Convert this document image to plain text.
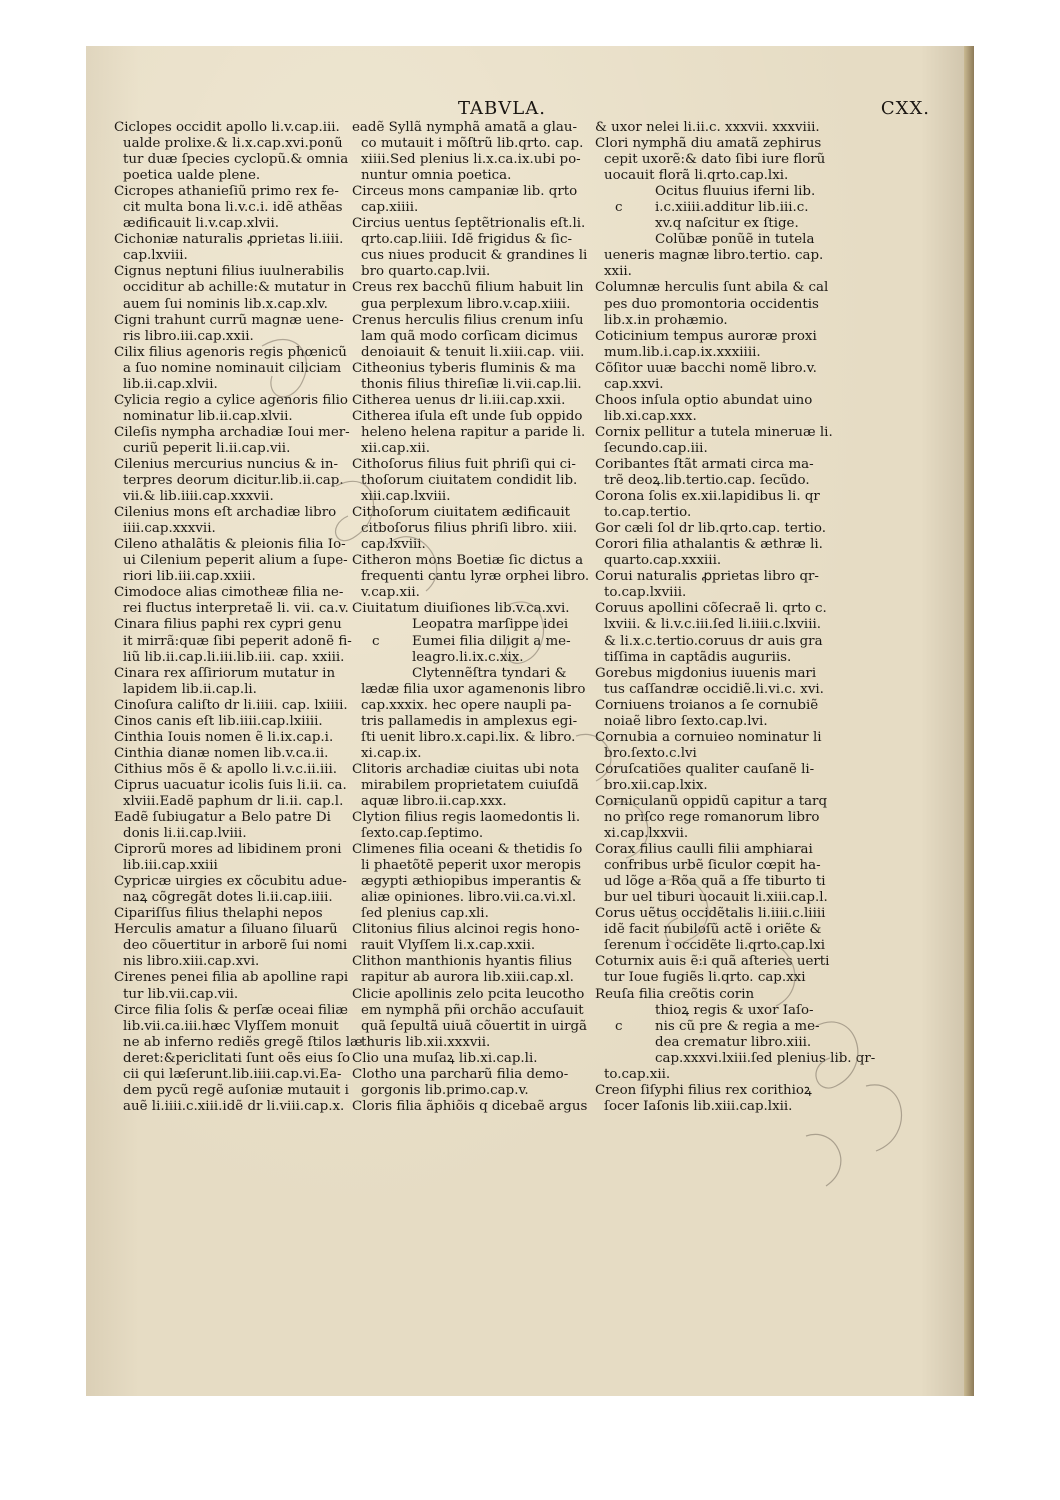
TABVLA.	CXX.
Ciclopes occidit apollo li.v.cap.iii.
ualde prolixe.& li.x.cap.xvi.ponũ
tur duæ ſpecies cyclopũ.& omnia
poetica ualde plene.
Cicropes athanieſiũ primo rex fe-
cit multa bona li.v.c.i. idẽ athẽas
ædificauit li.v.cap.xlvii.
Cichoniæ naturalis ꝓprietas li.iiii.
cap.lxviii.
Cignus neptuni filius iuulnerabilis
occiditur ab achille:& mutatur in
auem ſui nominis lib.x.cap.xlv.
Cigni trahunt currũ magnæ uene-
ris libro.iii.cap.xxii.
Cilix filius agenoris regis phœnicũ
a ſuo nomine nominauit ciliciam
lib.ii.cap.xlvii.
Cylicia regio a cylice agenoris filio
nominatur lib.ii.cap.xlvii.
Cileſis nympha archadiæ Ioui mer-
curiũ peperit li.ii.cap.vii.
Cilenius mercurius nuncius & in-
terpres deorum dicitur.lib.ii.cap.
vii.& lib.iiii.cap.xxxvii.
Cilenius mons eſt archadiæ libro
iiii.cap.xxxvii.
Cileno athalãtis & pleionis filia Io-
ui Cilenium peperit alium a ſupe-
riori lib.iii.cap.xxiii.
Cimodoce alias cimotheæ filia ne-
rei fluctus interpretaẽ li. vii. ca.v.
Cinara filius paphi rex cypri genu
it mirrã:quæ ſibi peperit adonẽ fi-
liũ lib.ii.cap.li.iii.lib.iii. cap. xxiii.
Cinara rex aſſiriorum mutatur in
lapidem lib.ii.cap.li.
Cinoſura caliſto dr li.iiii. cap. lxiiii.
Cinos canis eſt lib.iiii.cap.lxiiii.
Cinthia Iouis nomen ẽ li.ix.cap.i.
Cinthia dianæ nomen lib.v.ca.ii.
Cithius mõs ẽ & apollo li.v.c.ii.iii.
Ciprus uacuatur icolis ſuis li.ii. ca.
xlviii.Eadẽ paphum dr li.ii. cap.l.
Eadẽ ſubiugatur a Belo patre Di
donis li.ii.cap.lviii.
Ciprorũ mores ad libidinem proni
lib.iii.cap.xxiii
Cypricæ uirgies ex cõcubitu adue-
naꝝ cõgregãt dotes li.ii.cap.iiii.
Cipariſſus filius thelaphi nepos
Herculis amatur a ſiluano ſiluarũ
deo cõuertitur in arborẽ ſui nomi
nis libro.xiii.cap.xvi.
Cirenes penei filia ab apolline rapi
tur lib.vii.cap.vii.
Circe filia ſolis & perſæ oceai filiæ
lib.vii.ca.iii.hæc Vlyſſem monuit
ne ab inferno rediẽs gregẽ ſtilos læ
deret:&periclitati ſunt oẽs eius ſo
cii qui læſerunt.lib.iiii.cap.vi.Ea-
dem pycũ regẽ auſoniæ mutauit i
auẽ li.iiii.c.xiii.idẽ dr li.viii.cap.x.
eadẽ Syllã nymphã amatã a glau-
co mutauit i mõſtrũ lib.qrto. cap.
xiiii.Sed plenius li.x.ca.ix.ubi po-
nuntur omnia poetica.
Circeus mons campaniæ lib. qrto
cap.xiiii.
Circius uentus ſeptẽtrionalis eſt.li.
qrto.cap.liiii. Idẽ frigidus & ſic-
cus niues producit & grandines li
bro quarto.cap.lvii.
Creus rex bacchũ filium habuit lin
gua perplexum libro.v.cap.xiiii.
Crenus herculis filius crenum inſu
lam quã modo corſicam dicimus
denoiauit & tenuit li.xiii.cap. viii.
Citheonius tyberis fluminis & ma
thonis filius thireſiæ li.vii.cap.lii.
Citherea uenus dr li.iii.cap.xxii.
Citherea iſula eſt unde ſub oppido
heleno helena rapitur a paride li.
xii.cap.xii.
Cithoſorus filius fuit phriſi qui ci-
thoſorum ciuitatem condidit lib.
xiii.cap.lxviii.
Cithoſorum ciuitatem ædificauit
citboſorus filius phriſi libro. xiii.
cap.lxviii.
Citheron mons Boetiæ ſic dictus a
frequenti cantu lyræ orphei libro.
v.cap.xii.
Ciuitatum diuiſiones lib.v.ca.xvi.
Leopatra marſippe idei
Eumei filia diligit a me-
leagro.li.ix.c.xix.
Clytennẽſtra tyndari &
lædæ filia uxor agamenonis libro
cap.xxxix. hec opere naupli pa-
tris pallamedis in amplexus egi-
ſti uenit libro.x.capi.lix. & libro.
xi.cap.ix.
Clitoris archadiæ ciuitas ubi nota
mirabilem proprietatem cuiuſdã
aquæ libro.ii.cap.xxx.
Clytion filius regis laomedontis li.
ſexto.cap.ſeptimo.
Climenes filia oceani & thetidis ſo
li phaetõtẽ peperit uxor meropis
ægypti æthiopibus imperantis &
aliæ opiniones. libro.vii.ca.vi.xl.
ſed plenius cap.xli.
Clitonius filius alcinoi regis hono-
rauit Vlyſſem li.x.cap.xxii.
Clithon manthionis hyantis filius
rapitur ab aurora lib.xiii.cap.xl.
Clicie apollinis zelo pcita leucotho
em nymphã pñi orchão accuſauit
quã ſepultã uiuã cõuertit in uirgã
thuris lib.xii.xxxvii.
Clio una muſaꝝ lib.xi.cap.li.
Clotho una parcharũ filia demo-
gorgonis lib.primo.cap.v.
Cloris filia ãphiõis q dicebaẽ argus
c
& uxor nelei li.ii.c. xxxvii. xxxviii.
Clori nymphã diu amatã zephirus
cepit uxorẽ:& dato ſibi iure florũ
uocauit florã li.qrto.cap.lxi.
Ocitus fluuius iferni lib.
i.c.xiiii.additur lib.iii.c.
xv.q naſcitur ex ſtige.
Colũbæ ponũẽ in tutela
ueneris magnæ libro.tertio. cap.
xxii.
Columnæ herculis ſunt abila & cal
pes duo promontoria occidentis
lib.x.in prohæmio.
Coticinium tempus auroræ proxi
mum.lib.i.cap.ix.xxxiiii.
Cõſitor uuæ bacchi nomẽ libro.v.
cap.xxvi.
Choos inſula optio abundat uino
lib.xi.cap.xxx.
Cornix pellitur a tutela mineruæ li.
ſecundo.cap.iii.
Coribantes ſtãt armati circa ma-
trẽ deoꝝ.lib.tertio.cap. ſecũdo.
Corona ſolis ex.xii.lapidibus li. qr
to.cap.tertio.
Gor cæli ſol dr lib.qrto.cap. tertio.
Corori filia athalantis & æthræ li.
quarto.cap.xxxiii.
Corui naturalis ꝓprietas libro qr-
to.cap.lxviii.
Coruus apollini cõſecraẽ li. qrto c.
lxviii. & li.v.c.iii.ſed li.iiii.c.lxviii.
& li.x.c.tertio.coruus dr auis gra
tiſſima in captãdis auguriis.
Gorebus migdonius iuuenis mari
tus caſſandræ occidiẽ.li.vi.c. xvi.
Corniuens troianos a ſe cornubiẽ
noiaẽ libro ſexto.cap.lvi.
Cornubia a cornuieo nominatur li
bro.ſexto.c.lvi
Coruſcatiões qualiter cauſanẽ li-
bro.xii.cap.lxix.
Corniculanũ oppidũ capitur a tarq
no priſco rege romanorum libro
xi.cap.lxxvii.
Corax filius caulli filii amphiarai
confribus urbẽ ſiculor cœpit ha-
ud lõge a Rõa quã a ſfe tiburto ti
bur uel tiburi uocauit li.xiii.cap.l.
Corus uẽtus occidẽtalis li.iiii.c.liiii
idẽ facit nubiloſũ actẽ i oriẽte &
ſerenum i occidẽte li.qrto.cap.lxi
Coturnix auis ẽ:i quã aſteries uerti
tur Ioue fugiẽs li.qrto. cap.xxi
Reuſa filia creõtis corin
thioꝝ regis & uxor Iaſo-
nis cũ pre & regia a me-
dea crematur libro.xiii.
cap.xxxvi.lxiii.ſed plenius lib. qr-
to.cap.xii.
Creon ſiſyphi filius rex corithioꝝ
ſocer Iaſonis lib.xiii.cap.lxii.
c
c
